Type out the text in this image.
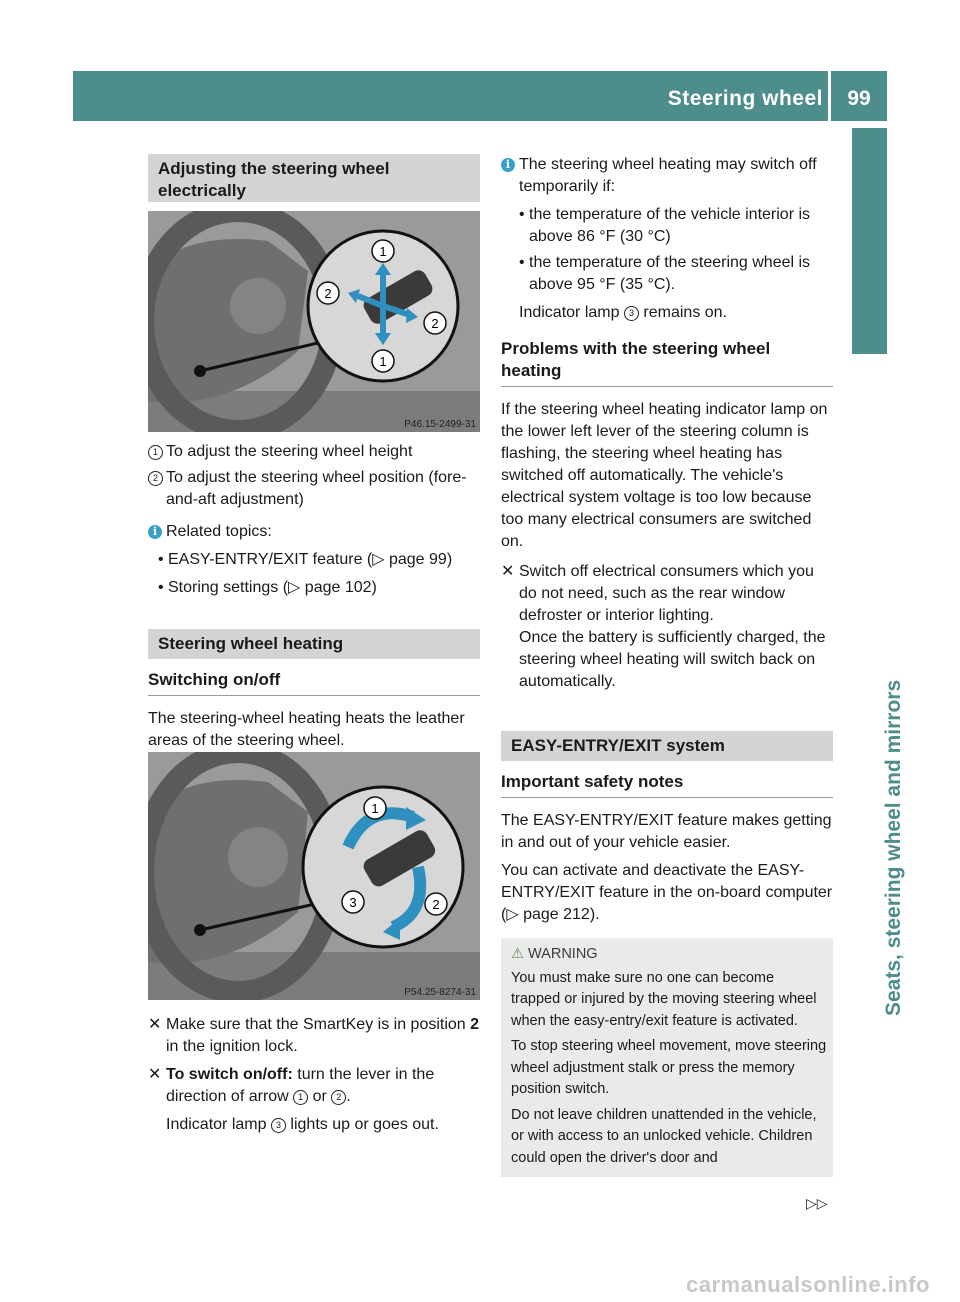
Steering wheel	99
Seats, steering wheel and mirrors
Adjusting the steering wheel electrically
1
2
2
1
P46.15-2499-31
1 To adjust the steering wheel height
2 To adjust the steering wheel position (fore-and-aft adjustment)
i Related topics:
• EASY-ENTRY/EXIT feature (▷ page 99)
• Storing settings (▷ page 102)
Steering wheel heating
Switching on/off

The steering-wheel heating heats the leather areas of the steering wheel.

1
3	2
P54.25-8274-31
✕ Make sure that the SmartKey is in position 2 in the ignition lock.
✕ To switch on/off: turn the lever in the direction of arrow 1 or 2 .
Indicator lamp 3 lights up or goes out.
i The steering wheel heating may switch off temporarily if:
• the temperature of the vehicle interior is above 86 °F (30 °C)
• the temperature of the steering wheel is above 95 °F (35 °C).

Indicator lamp 3 remains on.

Problems with the steering wheel heating

If the steering wheel heating indicator lamp on the lower left lever of the steering column is flashing, the steering wheel heating has switched off automatically. The vehicle's electrical system voltage is too low because too many electrical consumers are switched on.

✕ Switch off electrical consumers which you do not need, such as the rear window defroster or interior lighting.
Once the battery is sufficiently charged, the steering wheel heating will switch back on automatically.
EASY-ENTRY/EXIT system
Important safety notes

The EASY-ENTRY/EXIT feature makes getting in and out of your vehicle easier.

You can activate and deactivate the EASY-ENTRY/EXIT feature in the on-board computer (▷ page 212).

⚠ WARNING

You must make sure no one can become trapped or injured by the moving steering wheel when the easy-entry/exit feature is activated.

To stop steering wheel movement, move steering wheel adjustment stalk or press the memory position switch.

Do not leave children unattended in the vehicle, or with access to an unlocked vehicle. Children could open the driver's door and

▷▷
carmanualsonline.info
